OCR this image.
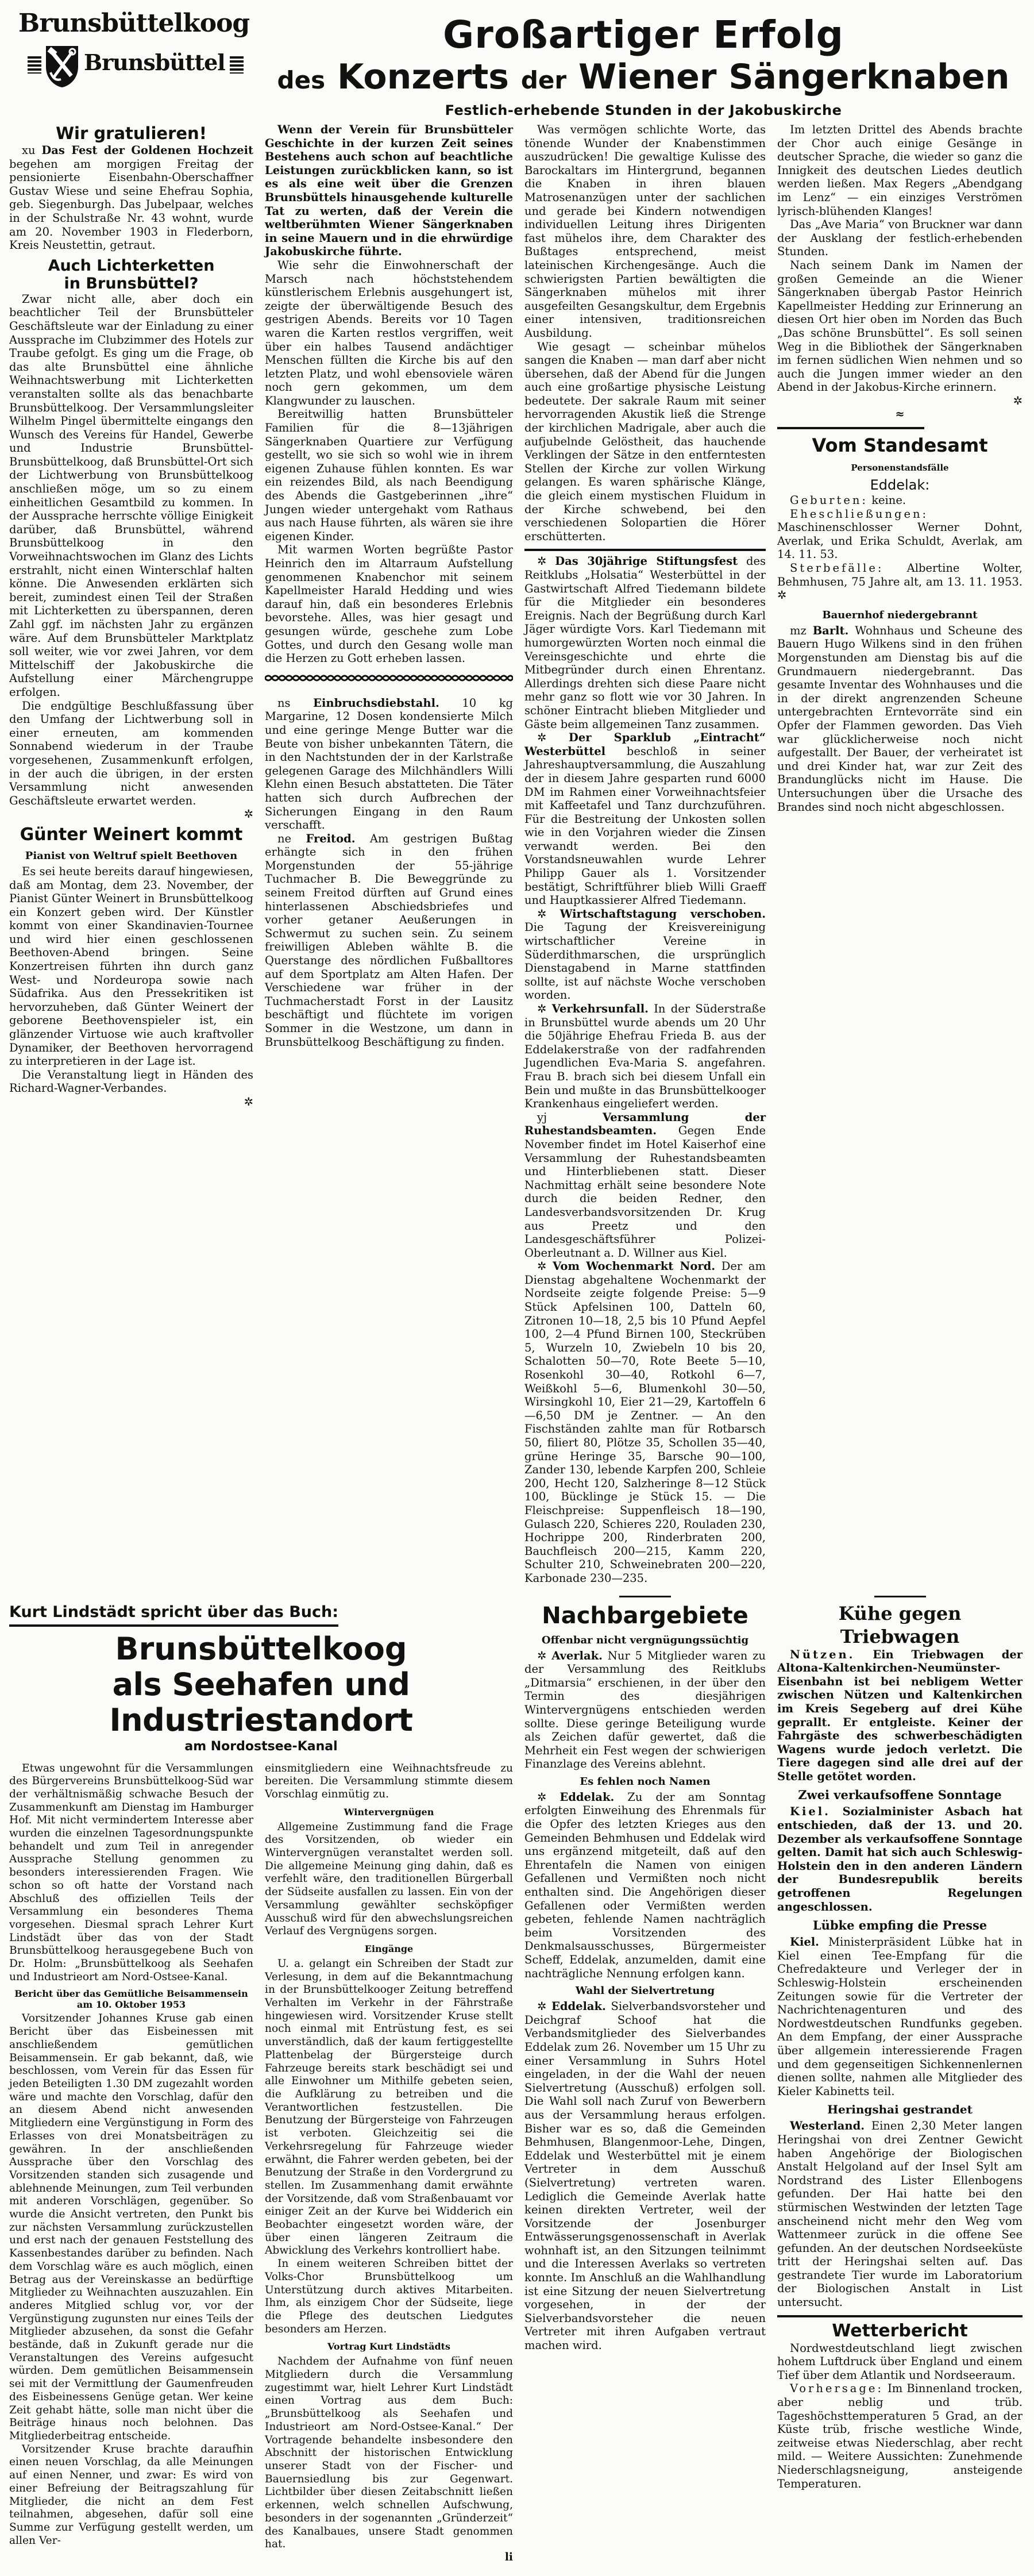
Brunsbüttelkoog
Brunsbüttel
Großartiger Erfolg
des Konzerts der Wiener Sängerknaben
Festlich-erhebende Stunden in der Jakobuskirche
Wir gratulieren!

xu Das Fest der Goldenen Hochzeit begehen am morgigen Freitag der pensionierte Eisenbahn-Oberschaffner Gustav Wiese und seine Ehefrau Sophia, geb. Siegenburgh. Das Jubelpaar, welches in der Schulstraße Nr. 43 wohnt, wurde am 20. November 1903 in Flederborn, Kreis Neustettin, getraut.

Auch Lichterketten
in Brunsbüttel?

Zwar nicht alle, aber doch ein beachtlicher Teil der Brunsbütteler Geschäftsleute war der Einladung zu einer Aussprache im Clubzimmer des Hotels zur Traube gefolgt. Es ging um die Frage, ob das alte Brunsbüttel eine ähnliche Weihnachtswerbung mit Lichterketten veranstalten sollte als das benachbarte Brunsbüttelkoog. Der Versammlungsleiter Wilhelm Pingel übermittelte eingangs den Wunsch des Vereins für Handel, Gewerbe und Industrie Brunsbüttel-Brunsbüttelkoog, daß Brunsbüttel-Ort sich der Lichtwerbung von Brunsbüttelkoog anschließen möge, um so zu einem einheitlichen Gesamtbild zu kommen. In der Aussprache herrschte völlige Einigkeit darüber, daß Brunsbüttel, während Brunsbüttelkoog in den Vorweihnachtswochen im Glanz des Lichts erstrahlt, nicht einen Winterschlaf halten könne. Die Anwesenden erklärten sich bereit, zumindest einen Teil der Straßen mit Lichterketten zu überspannen, deren Zahl ggf. im nächsten Jahr zu ergänzen wäre. Auf dem Brunsbütteler Marktplatz soll weiter, wie vor zwei Jahren, vor dem Mittelschiff der Jakobuskirche die Aufstellung einer Märchengruppe erfolgen.

Die endgültige Beschlußfassung über den Umfang der Lichtwerbung soll in einer erneuten, am kommenden Sonnabend wiederum in der Traube vorgesehenen, Zusammenkunft erfolgen, in der auch die übrigen, in der ersten Versammlung nicht anwesenden Geschäftsleute erwartet werden.

✲
Günter Weinert kommt
Pianist von Weltruf spielt Beethoven

Es sei heute bereits darauf hingewiesen, daß am Montag, dem 23. November, der Pianist Günter Weinert in Brunsbüttelkoog ein Konzert geben wird. Der Künstler kommt von einer Skandinavien-Tournee und wird hier einen geschlossenen Beethoven-Abend bringen. Seine Konzertreisen führten ihn durch ganz West- und Nordeuropa sowie nach Südafrika. Aus den Pressekritiken ist hervorzuheben, daß Günter Weinert der geborene Beethovenspieler ist, ein glänzender Virtuose wie auch kraftvoller Dynamiker, der Beethoven hervorragend zu interpretieren in der Lage ist.

Die Veranstaltung liegt in Händen des Richard-Wagner-Verbandes.

✲

Wenn der Verein für Brunsbütteler Geschichte in der kurzen Zeit seines Bestehens auch schon auf beachtliche Leistungen zurückblicken kann, so ist es als eine weit über die Grenzen Brunsbüttels hinausgehende kulturelle Tat zu werten, daß der Verein die weltberühmten Wiener Sängerknaben in seine Mauern und in die ehrwürdige Jakobuskirche führte.

Wie sehr die Einwohnerschaft der Marsch nach höchststehendem künstlerischem Erlebnis ausgehungert ist, zeigte der überwältigende Besuch des gestrigen Abends. Bereits vor 10 Tagen waren die Karten restlos vergriffen, weit über ein halbes Tausend andächtiger Menschen füllten die Kirche bis auf den letzten Platz, und wohl ebensoviele wären noch gern gekommen, um dem Klangwunder zu lauschen.

Bereitwillig hatten Brunsbütteler Familien für die 8—13jährigen Sängerknaben Quartiere zur Verfügung gestellt, wo sie sich so wohl wie in ihrem eigenen Zuhause fühlen konnten. Es war ein reizendes Bild, als nach Beendigung des Abends die Gastgeberinnen „ihre“ Jungen wieder untergehakt vom Rathaus aus nach Hause führten, als wären sie ihre eigenen Kinder.

Mit warmen Worten begrüßte Pastor Heinrich den im Altarraum Aufstellung genommenen Knabenchor mit seinem Kapellmeister Harald Hedding und wies darauf hin, daß ein besonderes Erlebnis bevorstehe. Alles, was hier gesagt und gesungen würde, geschehe zum Lobe Gottes, und durch den Gesang wolle man die Herzen zu Gott erheben lassen.

ns Einbruchsdiebstahl. 10 kg Margarine, 12 Dosen kondensierte Milch und eine geringe Menge Butter war die Beute von bisher unbekannten Tätern, die in den Nachtstunden der in der Karlstraße gelegenen Garage des Milchhändlers Willi Klehn einen Besuch abstatteten. Die Täter hatten sich durch Aufbrechen der Sicherungen Eingang in den Raum verschafft.

ne Freitod. Am gestrigen Bußtag erhängte sich in den frühen Morgenstunden der 55-jährige Tuchmacher B. Die Beweggründe zu seinem Freitod dürften auf Grund eines hinterlassenen Abschiedsbriefes und vorher getaner Aeußerungen in Schwermut zu suchen sein. Zu seinem freiwilligen Ableben wählte B. die Querstange des nördlichen Fußballtores auf dem Sportplatz am Alten Hafen. Der Verschiedene war früher in der Tuchmacherstadt Forst in der Lausitz beschäftigt und flüchtete im vorigen Sommer in die Westzone, um dann in Brunsbüttelkoog Beschäftigung zu finden.

Was vermögen schlichte Worte, das tönende Wunder der Knabenstimmen auszudrücken! Die gewaltige Kulisse des Barockaltars im Hintergrund, begannen die Knaben in ihren blauen Matrosenanzügen unter der sachlichen und gerade bei Kindern notwendigen individuellen Leitung ihres Dirigenten fast mühelos ihre, dem Charakter des Bußtages entsprechend, meist lateinischen Kirchengesänge. Auch die schwierigsten Partien bewältigten die Sängerknaben mühelos mit ihrer ausgefeilten Gesangskultur, dem Ergebnis einer intensiven, traditionsreichen Ausbildung.

Wie gesagt — scheinbar mühelos sangen die Knaben — man darf aber nicht übersehen, daß der Abend für die Jungen auch eine großartige physische Leistung bedeutete. Der sakrale Raum mit seiner hervorragenden Akustik ließ die Strenge der kirchlichen Madrigale, aber auch die aufjubelnde Gelöstheit, das hauchende Verklingen der Sätze in den entferntesten Stellen der Kirche zur vollen Wirkung gelangen. Es waren sphärische Klänge, die gleich einem mystischen Fluidum in der Kirche schwebend, bei den verschiedenen Solopartien die Hörer erschütterten.

✲ Das 30jährige Stiftungsfest des Reitklubs „Holsatia“ Westerbüttel in der Gastwirtschaft Alfred Tiedemann bildete für die Mitglieder ein besonderes Ereignis. Nach der Begrüßung durch Karl Jäger würdigte Vors. Karl Tiedemann mit humorgewürzten Worten noch einmal die Vereinsgeschichte und ehrte die Mitbegründer durch einen Ehrentanz. Allerdings drehten sich diese Paare nicht mehr ganz so flott wie vor 30 Jahren. In schöner Eintracht blieben Mitglieder und Gäste beim allgemeinen Tanz zusammen.

✲ Der Sparklub „Eintracht“ Westerbüttel beschloß in seiner Jahreshauptversammlung, die Auszahlung der in diesem Jahre gesparten rund 6000 DM im Rahmen einer Vorweihnachtsfeier mit Kaffeetafel und Tanz durchzuführen. Für die Bestreitung der Unkosten sollen wie in den Vorjahren wieder die Zinsen verwandt werden. Bei den Vorstandsneuwahlen wurde Lehrer Philipp Gauer als 1. Vorsitzender bestätigt, Schriftführer blieb Willi Graeff und Hauptkassierer Alfred Tiedemann.

✲ Wirtschaftstagung verschoben. Die Tagung der Kreisvereinigung wirtschaftlicher Vereine in Süderdithmarschen, die ursprünglich Dienstagabend in Marne stattfinden sollte, ist auf nächste Woche verschoben worden.

✲ Verkehrsunfall. In der Süderstraße in Brunsbüttel wurde abends um 20 Uhr die 50jährige Ehefrau Frieda B. aus der Eddelakerstraße von der radfahrenden Jugendlichen Eva-Maria S. angefahren. Frau B. brach sich bei diesem Unfall ein Bein und mußte in das Brunsbüttelkooger Krankenhaus eingeliefert werden.

yj	Versammlung der Ruhestandsbeamten. Gegen Ende November findet im Hotel Kaiserhof eine Versammlung der Ruhestandsbeamten und Hinterbliebenen statt. Dieser Nachmittag erhält seine besondere Note durch die beiden Redner, den Landesverbandsvorsitzenden Dr. Krug aus Preetz und den Landesgeschäftsführer Polizei-Oberleutnant a. D. Willner aus Kiel.

✲ Vom Wochenmarkt Nord. Der am Dienstag abgehaltene Wochenmarkt der Nordseite zeigte folgende Preise: 5—9 Stück Apfelsinen 100, Datteln 60, Zitronen 10—18, 2,5 bis 10 Pfund Aepfel 100, 2—4 Pfund Birnen 100, Steckrüben 5, Wurzeln 10, Zwiebeln 10 bis 20, Schalotten 50—70, Rote Beete 5—10, Rosenkohl 30—40, Rotkohl 6—7, Weißkohl 5—6, Blumenkohl 30—50, Wirsingkohl 10, Eier 21—29, Kartoffeln 6—6,50 DM je Zentner. — An den Fischständen zahlte man für Rotbarsch 50, filiert 80, Plötze 35, Schollen 35—40, grüne Heringe 35, Barsche 90—100, Zander 130, lebende Karpfen 200, Schleie 200, Hecht 120, Salzheringe 8—12 Stück 100, Bücklinge je Stück 15. — Die Fleischpreise: Suppenfleisch 18—190, Gulasch 220, Schieres 220, Rouladen 230, Hochrippe 200, Rinderbraten 200, Bauchfleisch 200—215, Kamm 220, Schulter 210, Schweinebraten 200—220, Karbonade 230—235.

Im letzten Drittel des Abends brachte der Chor auch einige Gesänge in deutscher Sprache, die wieder so ganz die Innigkeit des deutschen Liedes deutlich werden ließen. Max Regers „Abendgang im Lenz“ — ein einziges Verströmen lyrisch-blühenden Klanges!

Das „Ave Maria“ von Bruckner war dann der Ausklang der festlich-erhebenden Stunden.

Nach seinem Dank im Namen der großen Gemeinde an die Wiener Sängerknaben übergab Pastor Heinrich Kapellmeister Hedding zur Erinnerung an diesen Ort hier oben im Norden das Buch „Das schöne Brunsbüttel“. Es soll seinen Weg in die Bibliothek der Sängerknaben im fernen südlichen Wien nehmen und so auch die Jungen immer wieder an den Abend in der Jakobus-Kirche erinnern.

✲
≈
Vom Standesamt
Personenstandsfälle
Eddelak:

Geburten: keine.

Eheschließungen: Maschinenschlosser Werner Dohnt, Averlak, und Erika Schuldt, Averlak, am 14. 11. 53.

Sterbefälle: Albertine Wolter, Behmhusen, 75 Jahre alt, am 13. 11. 1953. ✲

Bauernhof niedergebrannt

mz Barlt. Wohnhaus und Scheune des Bauern Hugo Wilkens sind in den frühen Morgenstunden am Dienstag bis auf die Grundmauern niedergebrannt. Das gesamte Inventar des Wohnhauses und die in der direkt angrenzenden Scheune untergebrachten Erntevorräte sind ein Opfer der Flammen geworden. Das Vieh war glücklicherweise noch nicht aufgestallt. Der Bauer, der verheiratet ist und drei Kinder hat, war zur Zeit des Brandunglücks nicht im Hause. Die Untersuchungen über die Ursache des Brandes sind noch nicht abgeschlossen.

Kurt Lindstädt spricht über das Buch:
Brunsbüttelkoog
als Seehafen und Industriestandort
am Nordostsee-Kanal

Etwas ungewohnt für die Versammlungen des Bürgervereins Brunsbüttelkoog-Süd war der verhältnismäßig schwache Besuch der Zusammenkunft am Dienstag im Hamburger Hof. Mit nicht vermindertem Interesse aber wurden die einzelnen Tagesordnungspunkte behandelt und zum Teil in anregender Aussprache Stellung genommen zu besonders interessierenden Fragen. Wie schon so oft hatte der Vorstand nach Abschluß des offiziellen Teils der Versammlung ein besonderes Thema vorgesehen. Diesmal sprach Lehrer Kurt Lindstädt über das von der Stadt Brunsbüttelkoog herausgegebene Buch von Dr. Holm: „Brunsbüttelkoog als Seehafen und Industrieort am Nord-Ostsee-Kanal.

Bericht über das Gemütliche Beisammensein
am 10. Oktober 1953

Vorsitzender Johannes Kruse gab einen Bericht über das Eisbeinessen mit anschließendem gemütlichen Beisammensein. Er gab bekannt, daß, wie beschlossen, vom Verein für das Essen für jeden Beteiligten 1.30 DM zugezahlt worden wäre und machte den Vorschlag, dafür den an diesem Abend nicht anwesenden Mitgliedern eine Vergünstigung in Form des Erlasses von drei Monatsbeiträgen zu gewähren. In der anschließenden Aussprache über den Vorschlag des Vorsitzenden standen sich zusagende und ablehnende Meinungen, zum Teil verbunden mit anderen Vorschlägen, gegenüber. So wurde die Ansicht vertreten, den Punkt bis zur nächsten Versammlung zurückzustellen und erst nach der genauen Feststellung des Kassenbestandes darüber zu befinden. Nach dem Vorschlag wäre es auch möglich, einen Betrag aus der Vereinskasse an bedürftige Mitglieder zu Weihnachten auszuzahlen. Ein anderes Mitglied schlug vor, vor der Vergünstigung zugunsten nur eines Teils der Mitglieder abzusehen, da sonst die Gefahr bestände, daß in Zukunft gerade nur die Veranstaltungen des Vereins aufgesucht würden. Dem gemütlichen Beisammensein sei mit der Vermittlung der Gaumenfreuden des Eisbeinessens Genüge getan. Wer keine Zeit gehabt hätte, solle man nicht über die Beiträge hinaus noch belohnen. Das Mitgliederbeitrag entscheide.

Vorsitzender Kruse brachte daraufhin einen neuen Vorschlag, da alle Meinungen auf einen Nenner, und zwar: Es wird von einer Befreiung der Beitragszahlung für Mitglieder, die nicht an dem Fest teilnahmen, abgesehen, dafür soll eine Summe zur Verfügung gestellt werden, um allen Ver-

einsmitgliedern eine Weihnachtsfreude zu bereiten. Die Versammlung stimmte diesem Vorschlag einmütig zu.

Wintervergnügen

Allgemeine Zustimmung fand die Frage des Vorsitzenden, ob wieder ein Wintervergnügen veranstaltet werden soll. Die allgemeine Meinung ging dahin, daß es verfehlt wäre, den traditionellen Bürgerball der Südseite ausfallen zu lassen. Ein von der Versammlung gewählter sechsköpfiger Ausschuß wird für den abwechslungsreichen Verlauf des Vergnügens sorgen.

Eingänge

U. a. gelangt ein Schreiben der Stadt zur Verlesung, in dem auf die Bekanntmachung in der Brunsbüttelkooger Zeitung betreffend Verhalten im Verkehr in der Fährstraße hingewiesen wird. Vorsitzender Kruse stellt noch einmal mit Entrüstung fest, es sei unverständlich, daß der kaum fertiggestellte Plattenbelag der Bürgersteige durch Fahrzeuge bereits stark beschädigt sei und alle Einwohner um Mithilfe gebeten seien, die Aufklärung zu betreiben und die Verantwortlichen festzustellen. Die Benutzung der Bürgersteige von Fahrzeugen ist verboten. Gleichzeitig sei die Verkehrsregelung für Fahrzeuge wieder erwähnt, die Fahrer werden gebeten, bei der Benutzung der Straße in den Vordergrund zu stellen. Im Zusammenhang damit erwähnte der Vorsitzende, daß vom Straßenbauamt vor einiger Zeit an der Kurve bei Widderich ein Beobachter eingesetzt worden wäre, der über einen längeren Zeitraum die Abwicklung des Verkehrs kontrolliert habe.

In einem weiteren Schreiben bittet der Volks-Chor Brunsbüttelkoog um Unterstützung durch aktives Mitarbeiten. Ihm, als einzigem Chor der Südseite, liege die Pflege des deutschen Liedgutes besonders am Herzen.

Vortrag Kurt Lindstädts

Nachdem der Aufnahme von fünf neuen Mitgliedern durch die Versammlung zugestimmt war, hielt Lehrer Kurt Lindstädt einen Vortrag aus dem Buch: „Brunsbüttelkoog als Seehafen und Industrieort am Nord-Ostsee-Kanal.“ Der Vortragende behandelte insbesondere den Abschnitt der historischen Entwicklung unserer Stadt von der Fischer- und Bauernsiedlung bis zur Gegenwart. Lichtbilder über diesen Zeitabschnitt ließen erkennen, welch schnellen Aufschwung, besonders in der sogenannten „Gründerzeit“ des Kanalbaues, unsere Stadt genommen hat.

li
Nachbargebiete
Offenbar nicht vergnügungssüchtig

✲ Averlak. Nur 5 Mitglieder waren zu der Versammlung des Reitklubs „Ditmarsia“ erschienen, in der über den Termin des diesjährigen Wintervergnügens entschieden werden sollte. Diese geringe Beteiligung wurde als Zeichen dafür gewertet, daß die Mehrheit ein Fest wegen der schwierigen Finanzlage des Vereins ablehnt.

Es fehlen noch Namen

✲ Eddelak. Zu der am Sonntag erfolgten Einweihung des Ehrenmals für die Opfer des letzten Krieges aus den Gemeinden Behmhusen und Eddelak wird uns ergänzend mitgeteilt, daß auf den Ehrentafeln die Namen von einigen Gefallenen und Vermißten noch nicht enthalten sind. Die Angehörigen dieser Gefallenen oder Vermißten werden gebeten, fehlende Namen nachträglich beim Vorsitzenden des Denkmalsausschusses, Bürgermeister Scheff, Eddelak, anzumelden, damit eine nachträgliche Nennung erfolgen kann.

Wahl der Sielvertretung

✲ Eddelak. Sielverbandsvorsteher und Deichgraf Schoof hat die Verbandsmitglieder des Sielverbandes Eddelak zum 26. November um 15 Uhr zu einer Versammlung in Suhrs Hotel eingeladen, in der die Wahl der neuen Sielvertretung (Ausschuß) erfolgen soll. Die Wahl soll nach Zuruf von Bewerbern aus der Versammlung heraus erfolgen. Bisher war es so, daß die Gemeinden Behmhusen, Blangenmoor-Lehe, Dingen, Eddelak und Westerbüttel mit je einem Vertreter in dem Ausschuß (Sielvertretung) vertreten waren. Lediglich die Gemeinde Averlak hatte keinen direkten Vertreter, weil der Vorsitzende der Josenburger Entwässerungsgenossenschaft in Averlak wohnhaft ist, an den Sitzungen teilnimmt und die Interessen Averlaks so vertreten konnte. Im Anschluß an die Wahlhandlung ist eine Sitzung der neuen Sielvertretung vorgesehen, in der der Sielverbandsvorsteher die neuen Vertreter mit ihren Aufgaben vertraut machen wird.

Kühe gegen Triebwagen

Nützen. Ein Triebwagen der Altona-Kaltenkirchen-Neumünster-Eisenbahn ist bei nebligem Wetter zwischen Nützen und Kaltenkirchen im Kreis Segeberg auf drei Kühe geprallt. Er entgleiste. Keiner der Fahrgäste des schwerbeschädigten Wagens wurde jedoch verletzt. Die Tiere dagegen sind alle drei auf der Stelle getötet worden.

Zwei verkaufsoffene Sonntage

Kiel. Sozialminister Asbach hat entschieden, daß der 13. und 20. Dezember als verkaufsoffene Sonntage gelten. Damit hat sich auch Schleswig-Holstein den in den anderen Ländern der Bundesrepublik bereits getroffenen Regelungen angeschlossen.

Lübke empfing die Presse

Kiel. Ministerpräsident Lübke hat in Kiel einen Tee-Empfang für die Chefredakteure und Verleger der in Schleswig-Holstein erscheinenden Zeitungen sowie für die Vertreter der Nachrichtenagenturen und des Nordwestdeutschen Rundfunks gegeben. An dem Empfang, der einer Aussprache über allgemein interessierende Fragen und dem gegenseitigen Sichkennenlernen dienen sollte, nahmen alle Mitglieder des Kieler Kabinetts teil.

Heringshai gestrandet

Westerland. Einen 2,30 Meter langen Heringshai von drei Zentner Gewicht haben Angehörige der Biologischen Anstalt Helgoland auf der Insel Sylt am Nordstrand des Lister Ellenbogens gefunden. Der Hai hatte bei den stürmischen Westwinden der letzten Tage anscheinend nicht mehr den Weg vom Wattenmeer zurück in die offene See gefunden. An der deutschen Nordseeküste tritt der Heringshai selten auf. Das gestrandete Tier wurde im Laboratorium der Biologischen Anstalt in List untersucht.

Wetterbericht

Nordwestdeutschland liegt zwischen hohem Luftdruck über England und einem Tief über dem Atlantik und Nordseeraum.

Vorhersage: Im Binnenland trocken, aber neblig und trüb. Tageshöchsttemperaturen 5 Grad, an der Küste trüb, frische westliche Winde, zeitweise etwas Niederschlag, aber recht mild. — Weitere Aussichten: Zunehmende Niederschlagsneigung, ansteigende Temperaturen.
